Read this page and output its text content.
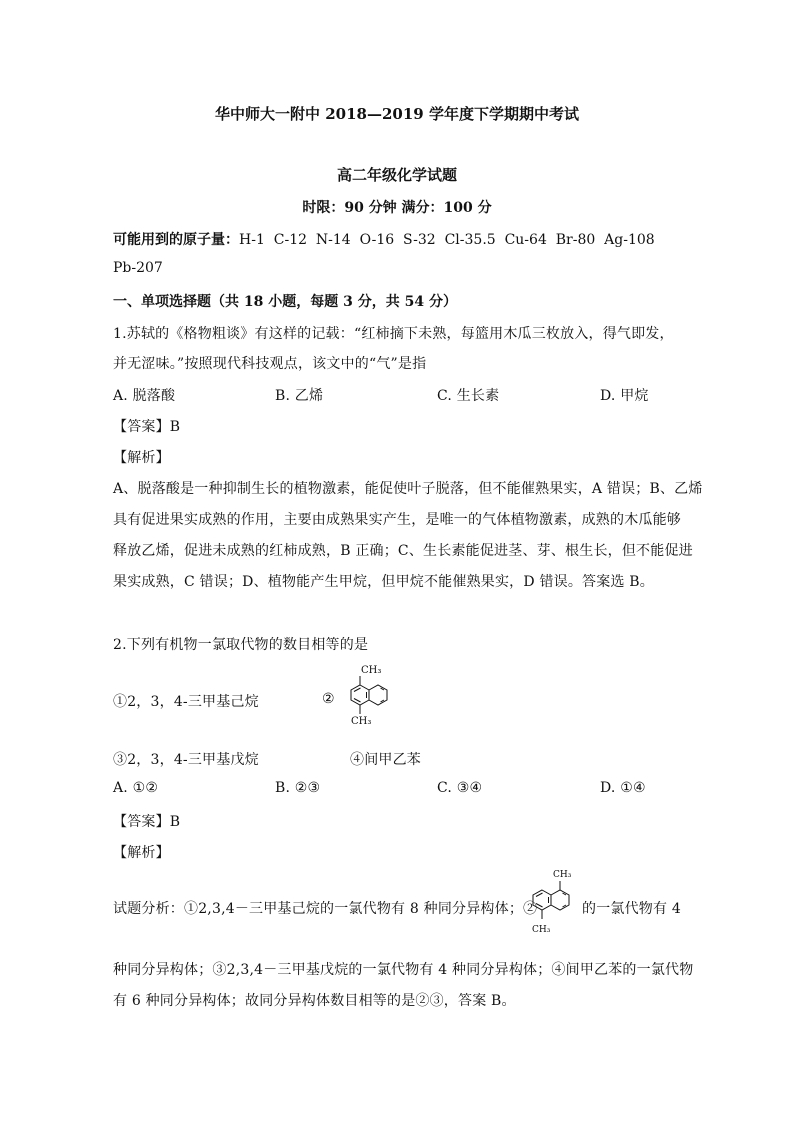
华中师大一附中 2018—2019 学年度下学期期中考试
高二年级化学试题
时限：90 分钟 满分：100 分
可能用到的原子量：H-1  C-12  N-14  O-16  S-32  Cl-35.5  Cu-64  Br-80  Ag-108
Pb-207
一、单项选择题（共 18 小题，每题 3 分，共 54 分）
1.苏轼的《格物粗谈》有这样的记载：“红柿摘下未熟，每篮用木瓜三枚放入，得气即发，
并无涩味。”按照现代科技观点，该文中的“气”是指
A. 脱落酸	B. 乙烯	C. 生长素	D. 甲烷
【答案】B
【解析】
A、脱落酸是一种抑制生长的植物激素，能促使叶子脱落，但不能催熟果实，A 错误；B、乙烯
具有促进果实成熟的作用，主要由成熟果实产生，是唯一的气体植物激素，成熟的木瓜能够
释放乙烯，促进未成熟的红柿成熟，B 正确；C、生长素能促进茎、芽、根生长，但不能促进
果实成熟，C 错误；D、植物能产生甲烷，但甲烷不能催熟果实，D 错误。答案选 B。
2.下列有机物一氯取代物的数目相等的是
①2，3，4-三甲基己烷	②
CH₃
CH₃
③2，3，4-三甲基戊烷	④间甲乙苯
A. ①②	B. ②③	C. ③④	D. ①④
【答案】B
【解析】
试题分析：①2,3,4－三甲基己烷的一氯代物有 8 种同分异构体；②
CH₃
CH₃
的一氯代物有 4
种同分异构体；③2,3,4－三甲基戊烷的一氯代物有 4 种同分异构体；④间甲乙苯的一氯代物
有 6 种同分异构体；故同分异构体数目相等的是②③，答案 B。
